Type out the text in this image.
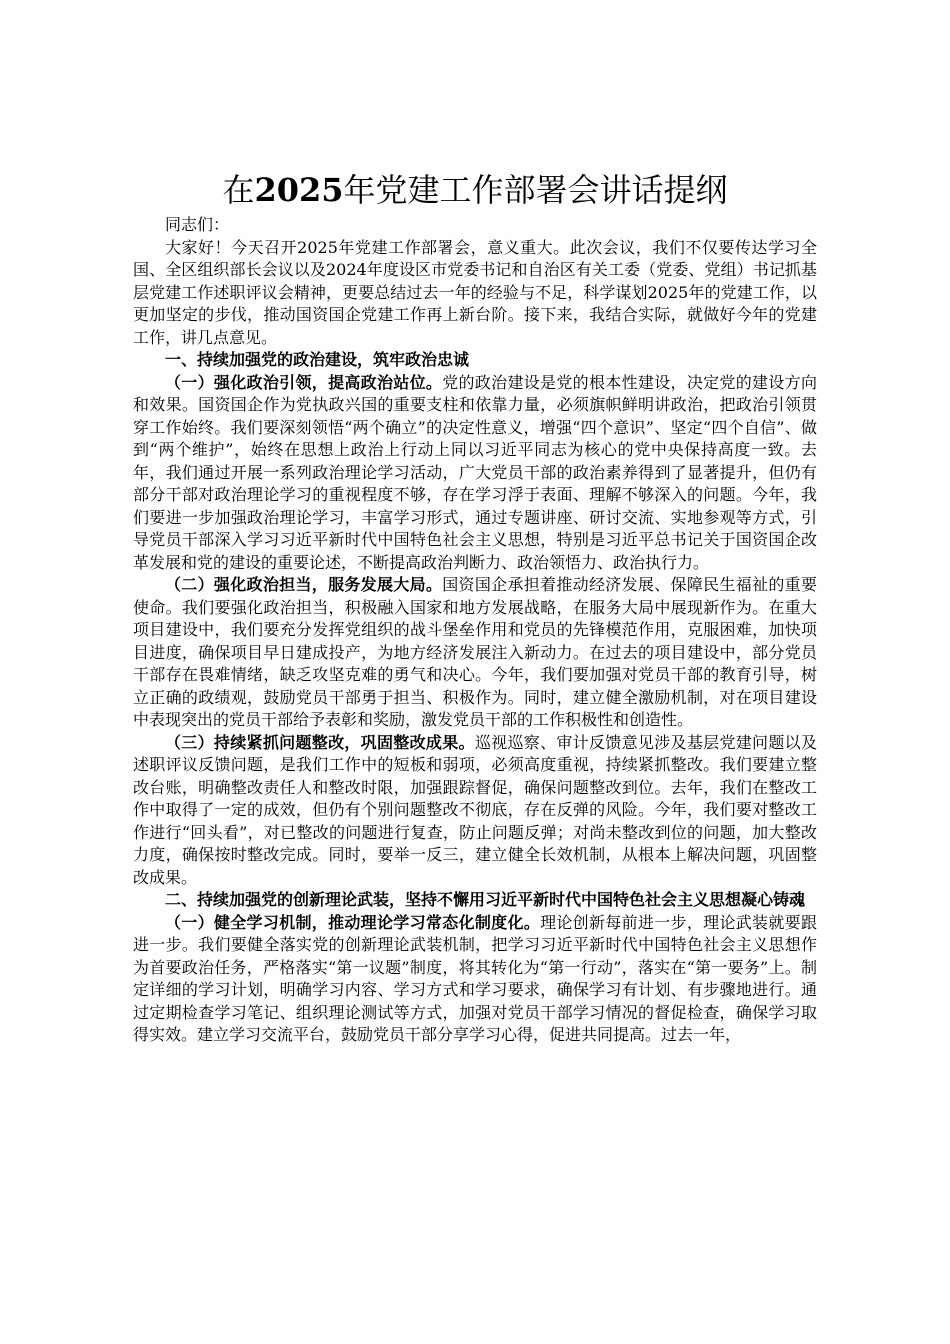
在2025年党建工作部署会讲话提纲

同志们：

大家好！今天召开2025年党建工作部署会，意义重大。此次会议，我们不仅要传达学习全国、全区组织部长会议以及2024年度设区市党委书记和自治区有关工委（党委、党组）书记抓基层党建工作述职评议会精神，更要总结过去一年的经验与不足，科学谋划2025年的党建工作，以更加坚定的步伐，推动国资国企党建工作再上新台阶。接下来，我结合实际，就做好今年的党建工作，讲几点意见。

一、持续加强党的政治建设，筑牢政治忠诚

（一）强化政治引领，提高政治站位。党的政治建设是党的根本性建设，决定党的建设方向和效果。国资国企作为党执政兴国的重要支柱和依靠力量，必须旗帜鲜明讲政治，把政治引领贯穿工作始终。我们要深刻领悟“两个确立”的决定性意义，增强“四个意识”、坚定“四个自信”、做到“两个维护”，始终在思想上政治上行动上同以习近平同志为核心的党中央保持高度一致。去年，我们通过开展一系列政治理论学习活动，广大党员干部的政治素养得到了显著提升，但仍有部分干部对政治理论学习的重视程度不够，存在学习浮于表面、理解不够深入的问题。今年，我们要进一步加强政治理论学习，丰富学习形式，通过专题讲座、研讨交流、实地参观等方式，引导党员干部深入学习习近平新时代中国特色社会主义思想，特别是习近平总书记关于国资国企改革发展和党的建设的重要论述，不断提高政治判断力、政治领悟力、政治执行力。

（二）强化政治担当，服务发展大局。国资国企承担着推动经济发展、保障民生福祉的重要使命。我们要强化政治担当，积极融入国家和地方发展战略，在服务大局中展现新作为。在重大项目建设中，我们要充分发挥党组织的战斗堡垒作用和党员的先锋模范作用，克服困难，加快项目进度，确保项目早日建成投产，为地方经济发展注入新动力。在过去的项目建设中，部分党员干部存在畏难情绪，缺乏攻坚克难的勇气和决心。今年，我们要加强对党员干部的教育引导，树立正确的政绩观，鼓励党员干部勇于担当、积极作为。同时，建立健全激励机制，对在项目建设中表现突出的党员干部给予表彰和奖励，激发党员干部的工作积极性和创造性。

（三）持续紧抓问题整改，巩固整改成果。巡视巡察、审计反馈意见涉及基层党建问题以及述职评议反馈问题，是我们工作中的短板和弱项，必须高度重视，持续紧抓整改。我们要建立整改台账，明确整改责任人和整改时限，加强跟踪督促，确保问题整改到位。去年，我们在整改工作中取得了一定的成效，但仍有个别问题整改不彻底，存在反弹的风险。今年，我们要对整改工作进行“回头看”，对已整改的问题进行复查，防止问题反弹；对尚未整改到位的问题，加大整改力度，确保按时整改完成。同时，要举一反三，建立健全长效机制，从根本上解决问题，巩固整改成果。

二、持续加强党的创新理论武装，坚持不懈用习近平新时代中国特色社会主义思想凝心铸魂

（一）健全学习机制，推动理论学习常态化制度化。理论创新每前进一步，理论武装就要跟进一步。我们要健全落实党的创新理论武装机制，把学习习近平新时代中国特色社会主义思想作为首要政治任务，严格落实“第一议题”制度，将其转化为“第一行动”，落实在“第一要务”上。制定详细的学习计划，明确学习内容、学习方式和学习要求，确保学习有计划、有步骤地进行。通过定期检查学习笔记、组织理论测试等方式，加强对党员干部学习情况的督促检查，确保学习取得实效。建立学习交流平台，鼓励党员干部分享学习心得，促进共同提高。过去一年，
